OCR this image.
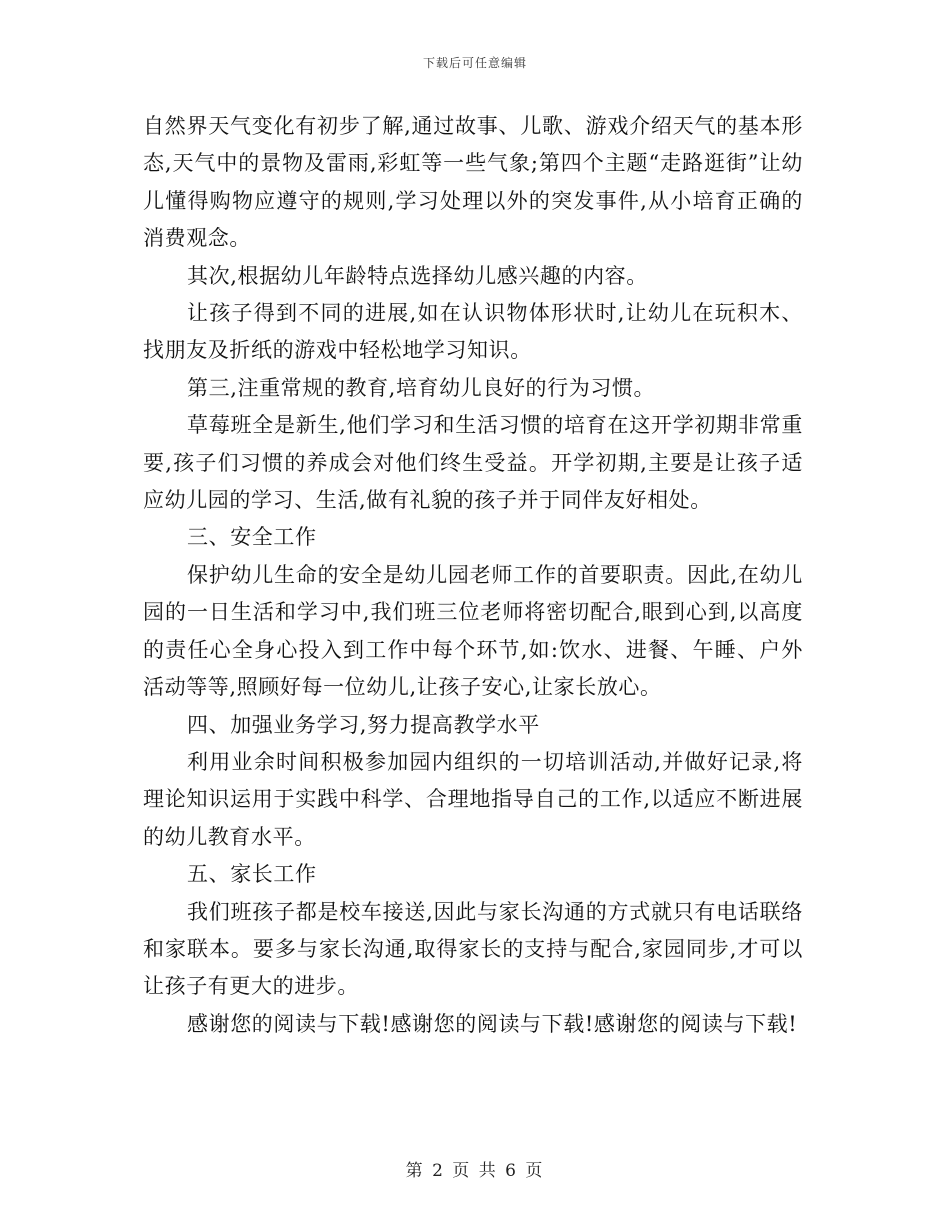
下载后可任意编辑

自然界天气变化有初步了解,通过故事、儿歌、游戏介绍天气的基本形态,天气中的景物及雷雨,彩虹等一些气象;第四个主题“走路逛街”让幼儿懂得购物应遵守的规则,学习处理以外的突发事件,从小培育正确的消费观念。

其次,根据幼儿年龄特点选择幼儿感兴趣的内容。

让孩子得到不同的进展,如在认识物体形状时,让幼儿在玩积木、找朋友及折纸的游戏中轻松地学习知识。

第三,注重常规的教育,培育幼儿良好的行为习惯。

草莓班全是新生,他们学习和生活习惯的培育在这开学初期非常重要,孩子们习惯的养成会对他们终生受益。开学初期,主要是让孩子适应幼儿园的学习、生活,做有礼貌的孩子并于同伴友好相处。

三、安全工作

保护幼儿生命的安全是幼儿园老师工作的首要职责。因此,在幼儿园的一日生活和学习中,我们班三位老师将密切配合,眼到心到,以高度的责任心全身心投入到工作中每个环节,如:饮水、进餐、午睡、户外活动等等,照顾好每一位幼儿,让孩子安心,让家长放心。

四、加强业务学习,努力提高教学水平

利用业余时间积极参加园内组织的一切培训活动,并做好记录,将理论知识运用于实践中科学、合理地指导自己的工作,以适应不断进展的幼儿教育水平。

五、家长工作

我们班孩子都是校车接送,因此与家长沟通的方式就只有电话联络和家联本。要多与家长沟通,取得家长的支持与配合,家园同步,才可以让孩子有更大的进步。

感谢您的阅读与下载!感谢您的阅读与下载!感谢您的阅读与下载!

第 2 页 共 6 页
